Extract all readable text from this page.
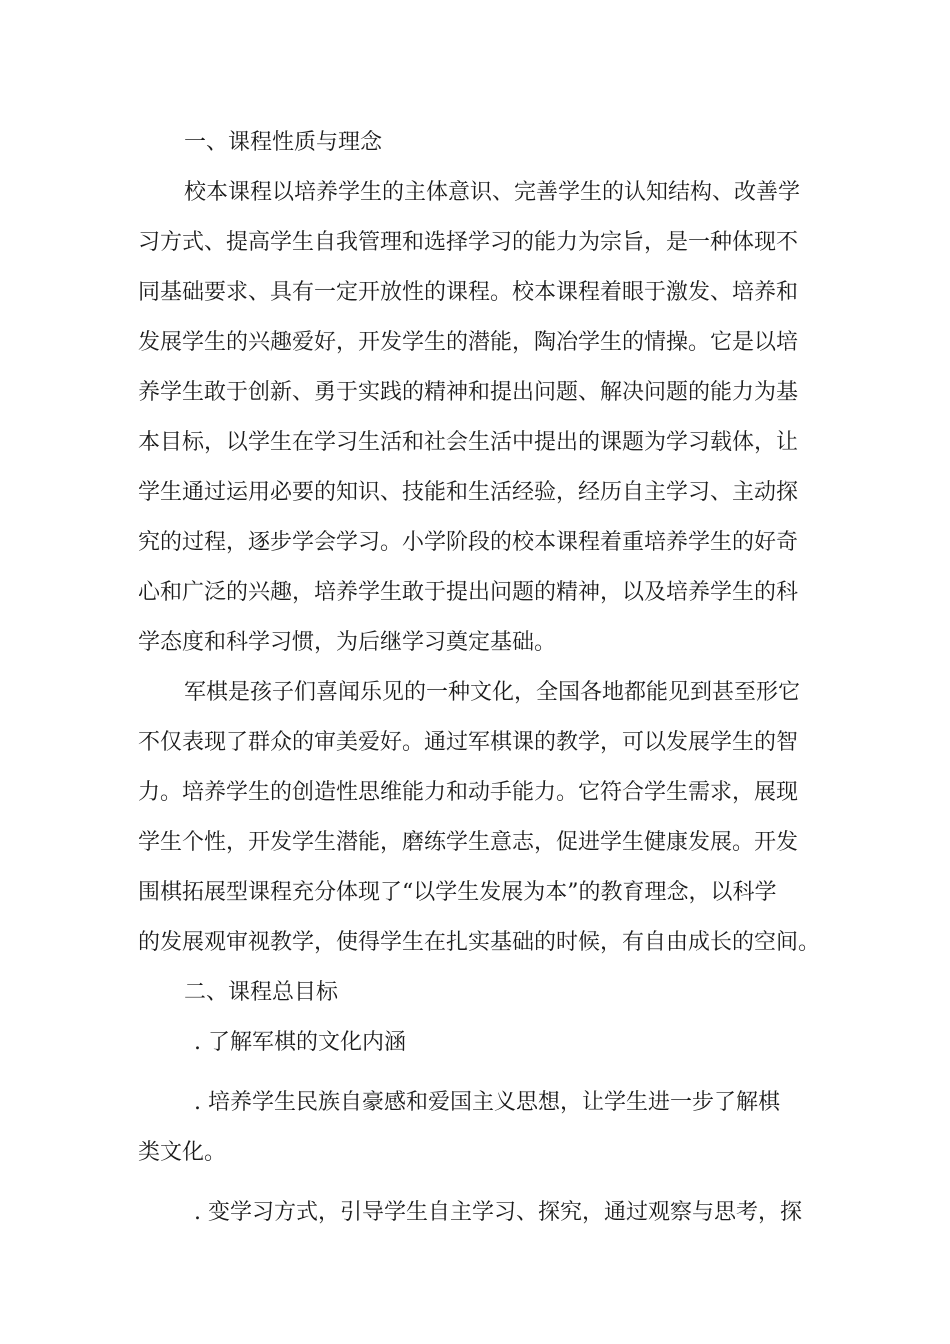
一、课程性质与理念
校本课程以培养学生的主体意识、完善学生的认知结构、改善学
习方式、提高学生自我管理和选择学习的能力为宗旨，是一种体现不
同基础要求、具有一定开放性的课程。校本课程着眼于激发、培养和
发展学生的兴趣爱好，开发学生的潜能，陶冶学生的情操。它是以培
养学生敢于创新、勇于实践的精神和提出问题、解决问题的能力为基
本目标，以学生在学习生活和社会生活中提出的课题为学习载体，让
学生通过运用必要的知识、技能和生活经验，经历自主学习、主动探
究的过程，逐步学会学习。小学阶段的校本课程着重培养学生的好奇
心和广泛的兴趣，培养学生敢于提出问题的精神，以及培养学生的科
学态度和科学习惯，为后继学习奠定基础。
军棋是孩子们喜闻乐见的一种文化，全国各地都能见到甚至形它
不仅表现了群众的审美爱好。通过军棋课的教学，可以发展学生的智
力。培养学生的创造性思维能力和动手能力。它符合学生需求，展现
学生个性，开发学生潜能，磨练学生意志，促进学生健康发展。开发
围棋拓展型课程充分体现了“以学生发展为本”的教育理念，以科学
的发展观审视教学，使得学生在扎实基础的时候，有自由成长的空间。
二、课程总目标
. 了解军棋的文化内涵
. 培养学生民族自豪感和爱国主义思想，让学生进一步了解棋
类文化。
. 变学习方式，引导学生自主学习、探究，通过观察与思考，探
